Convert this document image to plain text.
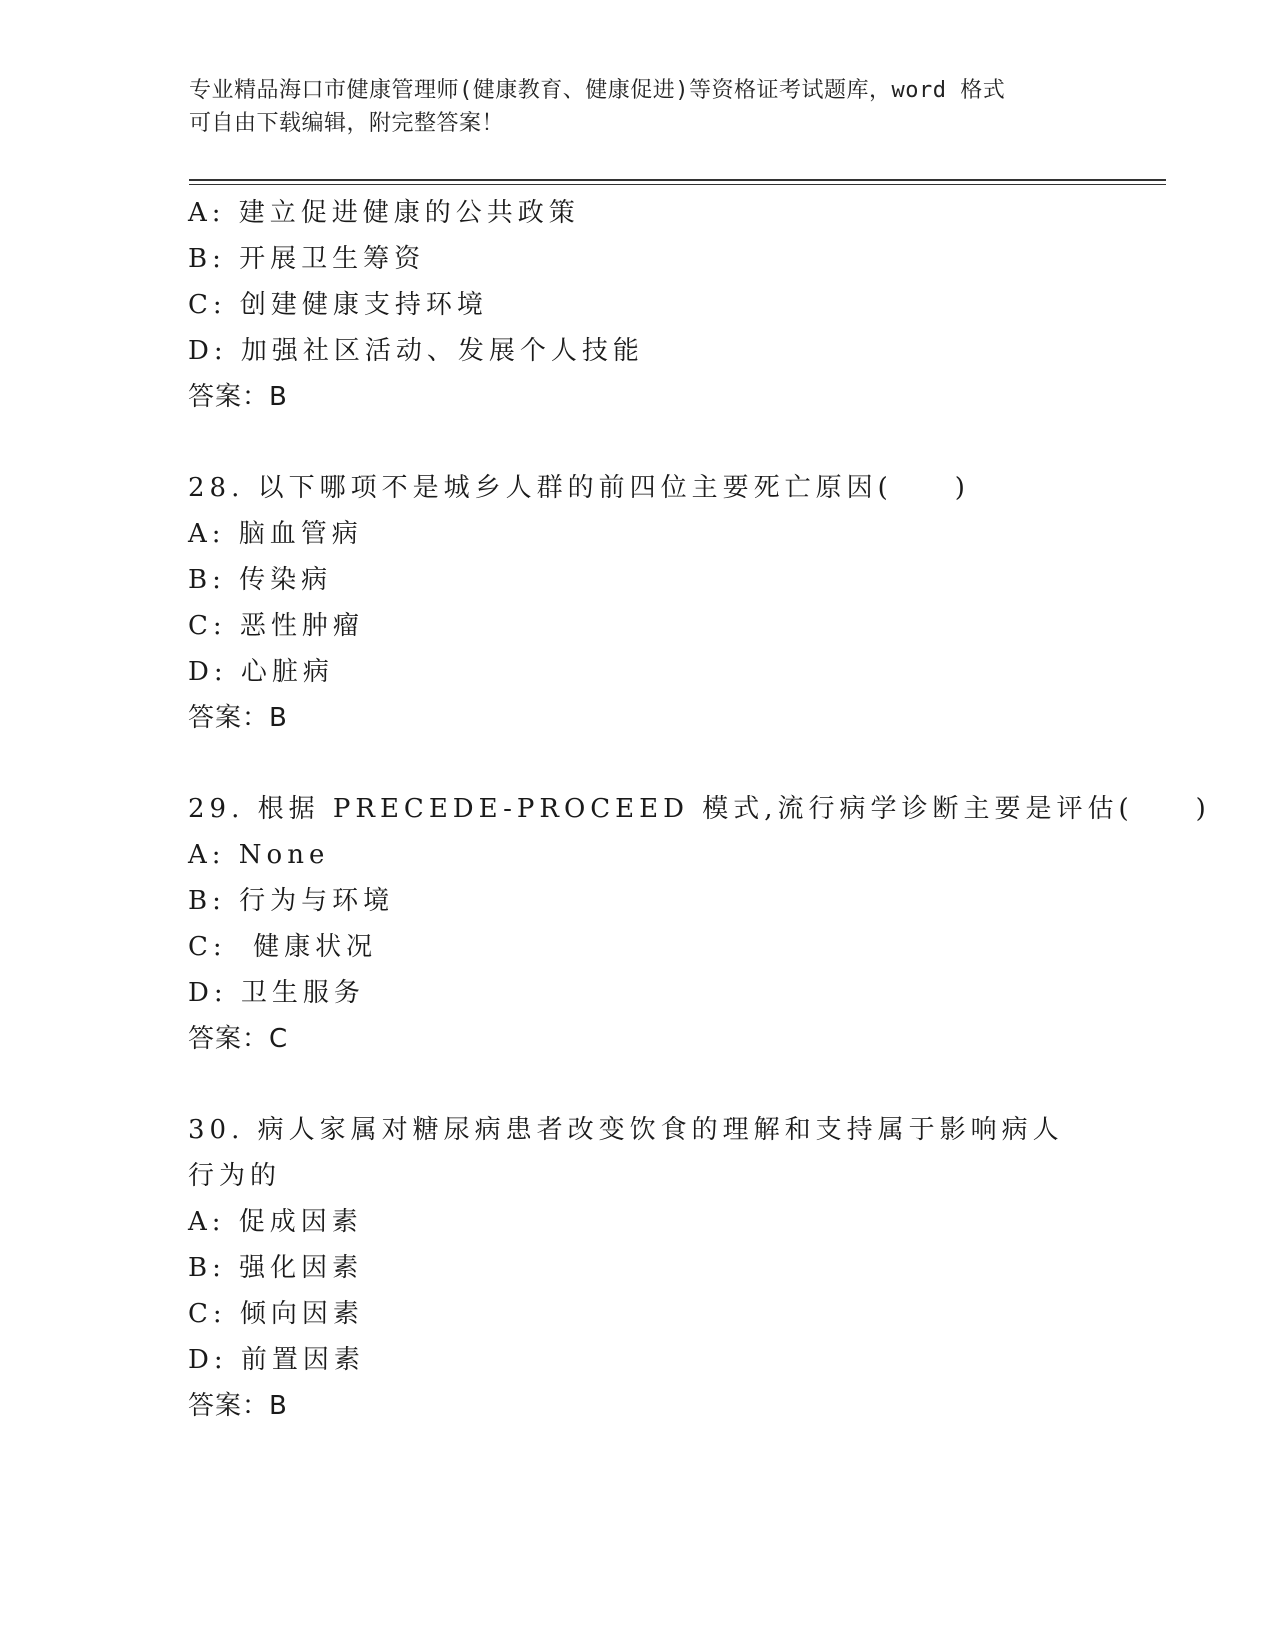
专业精品海口市健康管理师(健康教育、健康促进)等资格证考试题库，word 格式
可自由下载编辑，附完整答案！
A: 建立促进健康的公共政策
B: 开展卫生筹资
C: 创建健康支持环境
D: 加强社区活动、发展个人技能
答案：B
28. 以下哪项不是城乡人群的前四位主要死亡原因(　　)
A: 脑血管病
B: 传染病
C: 恶性肿瘤
D: 心脏病
答案：B
29. 根据 PRECEDE-PROCEED 模式,流行病学诊断主要是评估(　　)
A: None
B: 行为与环境
C:  健康状况
D: 卫生服务
答案：C
30. 病人家属对糖尿病患者改变饮食的理解和支持属于影响病人行为的
A: 促成因素
B: 强化因素
C: 倾向因素
D: 前置因素
答案：B
